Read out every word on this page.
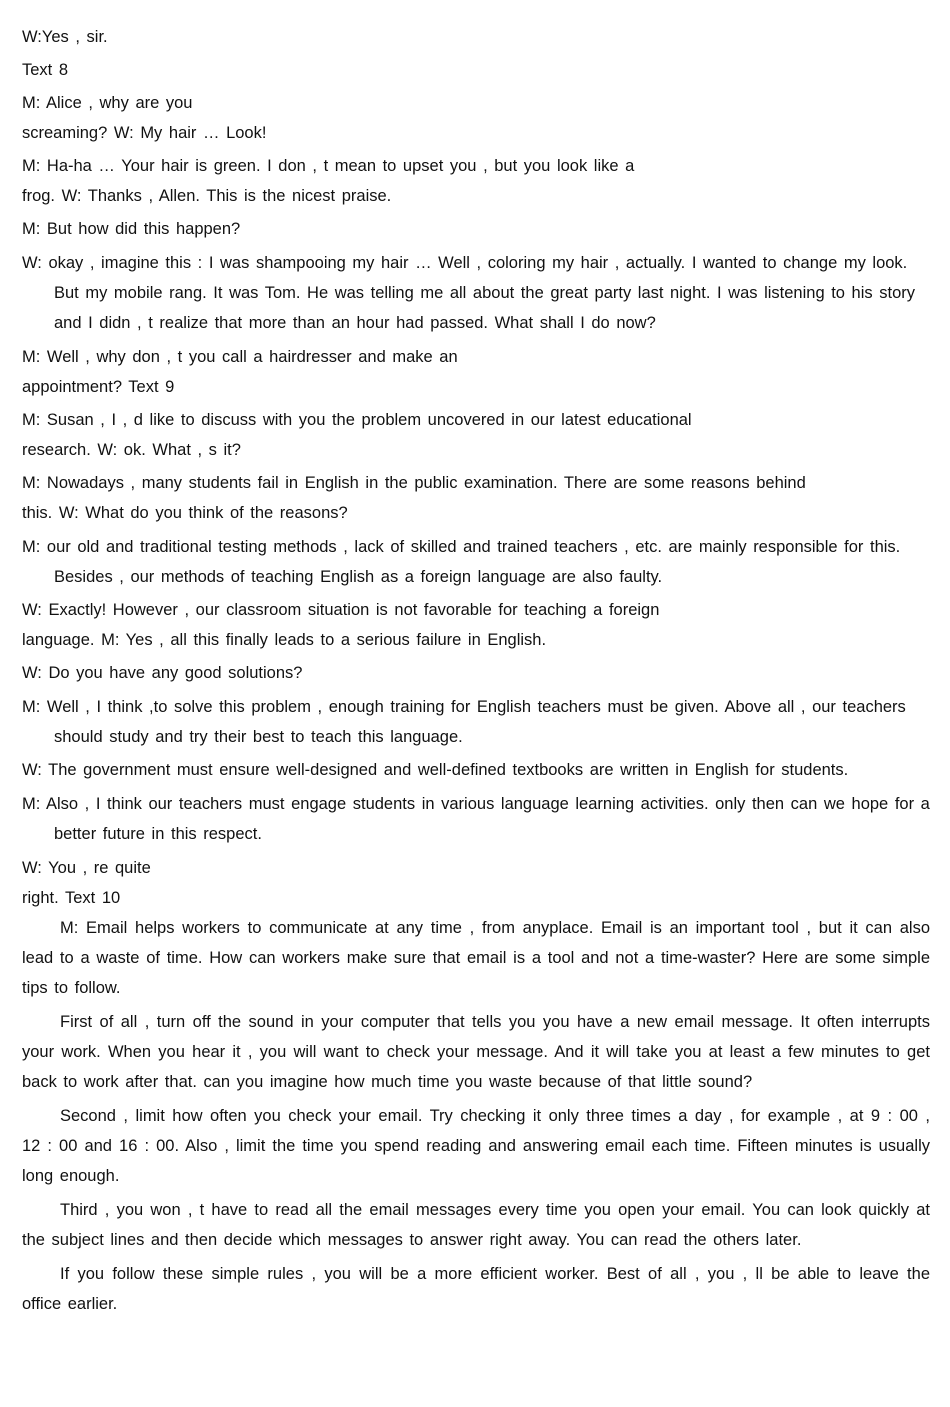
W:Yes , sir.

Text 8

M: Alice , why are you

screaming? W: My hair … Look!

M: Ha-ha … Your hair is green. I don , t mean to upset you , but you look like a

frog. W: Thanks , Allen. This is the nicest praise.

M: But how did this happen?

W: okay , imagine this : I was shampooing my hair … Well , coloring my hair , actually. I wanted to change my look. But my mobile rang. It was Tom. He was telling me all about the great party last night. I was listening to his story and I didn , t realize that more than an hour had passed. What shall I do now?

M: Well , why don , t you call a hairdresser and make an

appointment? Text 9

M: Susan , I , d like to discuss with you the problem uncovered in our latest educational

research. W: ok. What , s it?

M: Nowadays , many students fail in English in the public examination. There are some reasons behind

this. W: What do you think of the reasons?

M: our old and traditional testing methods , lack of skilled and trained teachers , etc. are mainly responsible for this. Besides , our methods of teaching English as a foreign language are also faulty.

W: Exactly! However , our classroom situation is not favorable for teaching a foreign

language. M: Yes , all this finally leads to a serious failure in English.

W: Do you have any good solutions?

M: Well , I think ,to solve this problem , enough training for English teachers must be given. Above all , our teachers should study and try their best to teach this language.

W: The government must ensure well-designed and well-defined textbooks are written in English for students.

M: Also , I think our teachers must engage students in various language learning activities. only then can we hope for a better future in this respect.

W: You , re quite

right. Text 10

M: Email helps workers to communicate at any time , from anyplace. Email is an important tool , but it can also lead to a waste of time. How can workers make sure that email is a tool and not a time-waster? Here are some simple tips to follow.

First of all , turn off the sound in your computer that tells you you have a new email message. It often interrupts your work. When you hear it , you will want to check your message. And it will take you at least a few minutes to get back to work after that. can you imagine how much time you waste because of that little sound?

Second , limit how often you check your email. Try checking it only three times a day , for example , at 9 : 00 , 12 : 00 and 16 : 00. Also , limit the time you spend reading and answering email each time. Fifteen minutes is usually long enough.

Third , you won , t have to read all the email messages every time you open your email. You can look quickly at the subject lines and then decide which messages to answer right away. You can read the others later.

If you follow these simple rules , you will be a more efficient worker. Best of all , you , ll be able to leave the office earlier.
